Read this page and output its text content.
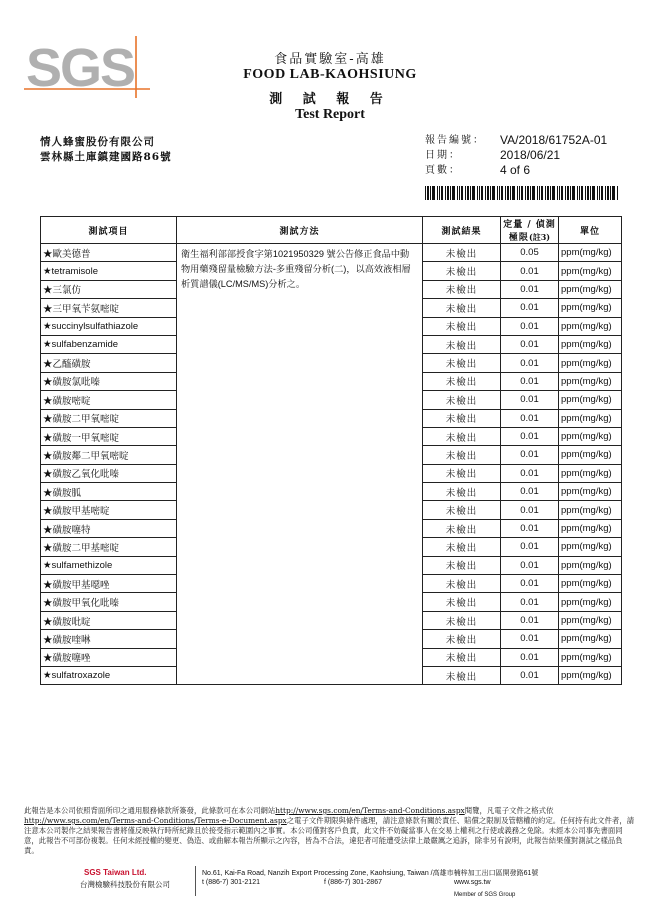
SGS	食品實驗室-高雄
FOOD LAB-KAOHSIUNG
測 試 報 告
Test Report
情人蜂蜜股份有限公司
雲林縣土庫鎮建國路86號
報告編號：	VA/2018/61752A-01
日期：	2018/06/21
頁數：	4 of 6
測試項目	測試方法	測試結果	定量 / 偵測極限(註3)	單位
★歐美德普	衛生福利部部授食字第1021950329 號公告修正食品中動物用藥殘留量檢驗方法-多重殘留分析(二)，以高效液相層析質譜儀(LC/MS/MS)分析之。	未檢出	0.05	ppm(mg/kg)
★tetramisole		未檢出	0.01	ppm(mg/kg)
★三氯仿		未檢出	0.01	ppm(mg/kg)
★三甲氧苄氨嘧啶		未檢出	0.01	ppm(mg/kg)
★succinylsulfathiazole		未檢出	0.01	ppm(mg/kg)
★sulfabenzamide		未檢出	0.01	ppm(mg/kg)
★乙醯磺胺		未檢出	0.01	ppm(mg/kg)
★磺胺氯吡嗪		未檢出	0.01	ppm(mg/kg)
★磺胺嘧啶		未檢出	0.01	ppm(mg/kg)
★磺胺二甲氧嘧啶		未檢出	0.01	ppm(mg/kg)
★磺胺一甲氧嘧啶		未檢出	0.01	ppm(mg/kg)
★磺胺鄰二甲氧嘧啶		未檢出	0.01	ppm(mg/kg)
★磺胺乙氧化吡嗪		未檢出	0.01	ppm(mg/kg)
★磺胺胍		未檢出	0.01	ppm(mg/kg)
★磺胺甲基嘧啶		未檢出	0.01	ppm(mg/kg)
★磺胺噻特		未檢出	0.01	ppm(mg/kg)
★磺胺二甲基嘧啶		未檢出	0.01	ppm(mg/kg)
★sulfamethizole		未檢出	0.01	ppm(mg/kg)
★磺胺甲基噁唑		未檢出	0.01	ppm(mg/kg)
★磺胺甲氧化吡嗪		未檢出	0.01	ppm(mg/kg)
★磺胺吡啶		未檢出	0.01	ppm(mg/kg)
★磺胺喹啉		未檢出	0.01	ppm(mg/kg)
★磺胺噻唑		未檢出	0.01	ppm(mg/kg)
★sulfatroxazole		未檢出	0.01	ppm(mg/kg)
此報告是本公司依照背面所印之通用服務條款所簽發，此條款可在本公司網站http://www.sgs.com/en/Terms-and-Conditions.aspx閱覽，凡電子文件之格式依http://www.sgs.com/en/Terms-and-Conditions/Terms-e-Document.aspx之電子文件期限與條件處理，請注意條款有關於責任、賠償之限制及管轄權的約定。任何持有此文件者，請注意本公司製作之結果報告書將僅反映執行時所紀錄且於接受指示範圍內之事實。本公司僅對客戶負責，此文件不妨礙當事人在交易上權利之行使或義務之免除。未經本公司事先書面同意，此報告不可部份複製。任何未經授權的變更、偽造、或曲解本報告所顯示之內容，皆為不合法，違犯者可能遭受法律上最嚴厲之追訴，除非另有說明，此報告結果僅對測試之樣品負責。
SGS Taiwan Ltd.
台灣檢驗科技股份有限公司
No.61, Kai-Fa Road, Nanzih Export Processing Zone, Kaohsiung, Taiwan /高雄市楠梓加工出口區開發路61號
t (886-7) 301-2121	f (886-7) 301-2867	www.sgs.tw
Member of SGS Group
